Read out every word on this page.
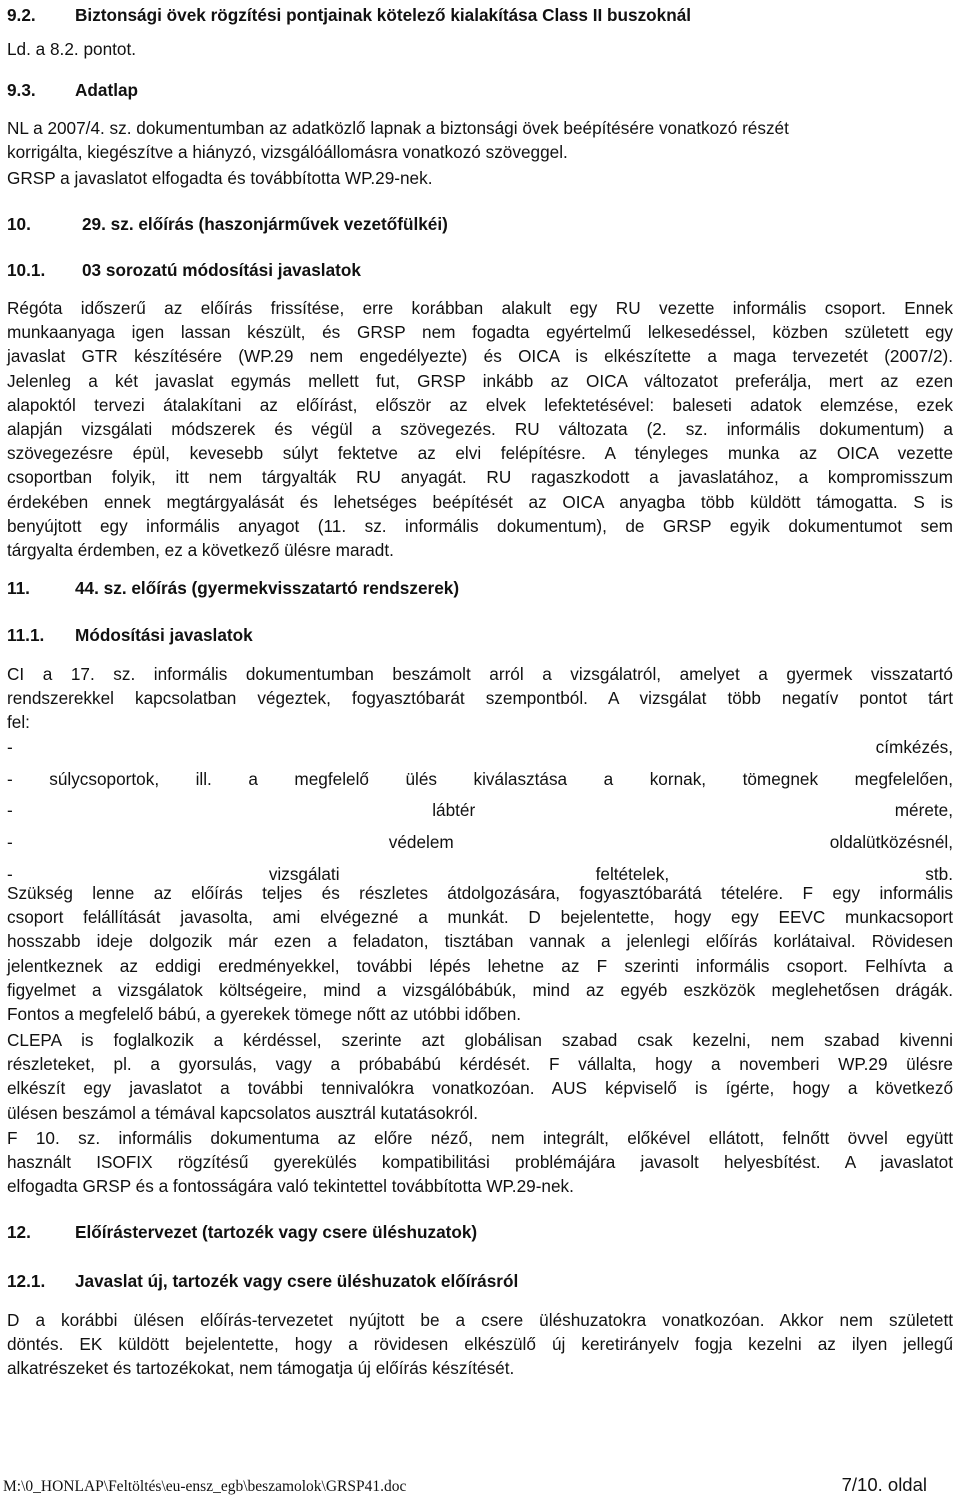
9.2. Biztonsági övek rögzítési pontjainak kötelező kialakítása Class II buszoknál
Ld. a 8.2. pontot.
9.3. Adatlap
NL a 2007/4. sz. dokumentumban az adatközlő lapnak a biztonsági övek beépítésére vonatkozó részét
korrigálta, kiegészítve a hiányzó, vizsgálóállomásra vonatkozó szöveggel.
GRSP a javaslatot elfogadta és továbbította WP.29-nek.
10.	29. sz. előírás (haszonjárművek vezetőfülkéi)
10.1. 03 sorozatú módosítási javaslatok
Régóta időszerű az előírás frissítése, erre korábban alakult egy RU vezette informális csoport. Ennek
munkaanyaga igen lassan készült, és GRSP nem fogadta egyértelmű lelkesedéssel, közben született egy
javaslat GTR készítésére (WP.29 nem engedélyezte) és OICA is elkészítette a maga tervezetét (2007/2).
Jelenleg a két javaslat egymás mellett fut, GRSP inkább az OICA változatot preferálja, mert az ezen
alapoktól tervezi átalakítani az előírást, először az elvek lefektetésével: baleseti adatok elemzése, ezek
alapján vizsgálati módszerek és végül a szövegezés. RU változata (2. sz. informális dokumentum) a
szövegezésre épül, kevesebb súlyt fektetve az elvi felépítésre. A tényleges munka az OICA vezette
csoportban folyik, itt nem tárgyalták RU anyagát. RU ragaszkodott a javaslatához, a kompromisszum
érdekében ennek megtárgyalását és lehetséges beépítését az OICA anyagba több küldött támogatta. S is
benyújtott egy informális anyagot (11. sz. informális dokumentum), de GRSP egyik dokumentumot sem
tárgyalta érdemben, ez a következő ülésre maradt.
11.	44. sz. előírás (gyermekvisszatartó rendszerek)
11.1. Módosítási javaslatok
CI a 17. sz. informális dokumentumban beszámolt arról a vizsgálatról, amelyet a gyermek visszatartó
rendszerekkel kapcsolatban végeztek, fogyasztóbarát szempontból. A vizsgálat több negatív pontot tárt
fel:
- címkézés,
- súlycsoportok, ill. a megfelelő ülés kiválasztása a kornak, tömegnek megfelelően,
- lábtér mérete,
- védelem oldalütközésnél,
- vizsgálati feltételek, stb.
Szükség lenne az előírás teljes és részletes átdolgozására, fogyasztóbarátá tételére. F egy informális
csoport felállítását javasolta, ami elvégezné a munkát. D bejelentette, hogy egy EEVC munkacsoport
hosszabb ideje dolgozik már ezen a feladaton, tisztában vannak a jelenlegi előírás korlátaival. Rövidesen
jelentkeznek az eddigi eredményekkel, további lépés lehetne az F szerinti informális csoport. Felhívta a
figyelmet a vizsgálatok költségeire, mind a vizsgálóbábúk, mind az egyéb eszközök meglehetősen drágák.
Fontos a megfelelő bábú, a gyerekek tömege nőtt az utóbbi időben.
CLEPA is foglalkozik a kérdéssel, szerinte azt globálisan szabad csak kezelni, nem szabad kivenni
részleteket, pl. a gyorsulás, vagy a próbabábú kérdését. F vállalta, hogy a novemberi WP.29 ülésre
elkészít egy javaslatot a további tennivalókra vonatkozóan. AUS képviselő is ígérte, hogy a következő
ülésen beszámol a témával kapcsolatos ausztrál kutatásokról.
F 10. sz. informális dokumentuma az előre néző, nem integrált, előkével ellátott, felnőtt övvel együtt
használt ISOFIX rögzítésű gyerekülés kompatibilitási problémájára javasolt helyesbítést. A javaslatot
elfogadta GRSP és a fontosságára való tekintettel továbbította WP.29-nek.
12.	Előírástervezet (tartozék vagy csere üléshuzatok)
12.1. Javaslat új, tartozék vagy csere üléshuzatok előírásról
D a korábbi ülésen előírás-tervezetet nyújtott be a csere üléshuzatokra vonatkozóan. Akkor nem született
döntés. EK küldött bejelentette, hogy a rövidesen elkészülő új keretirányelv fogja kezelni az ilyen jellegű
alkatrészeket és tartozékokat, nem támogatja új előírás készítését.
M:\0_HONLAP\Feltöltés\eu-ensz_egb\beszamolok\GRSP41.doc	7/10. oldal
